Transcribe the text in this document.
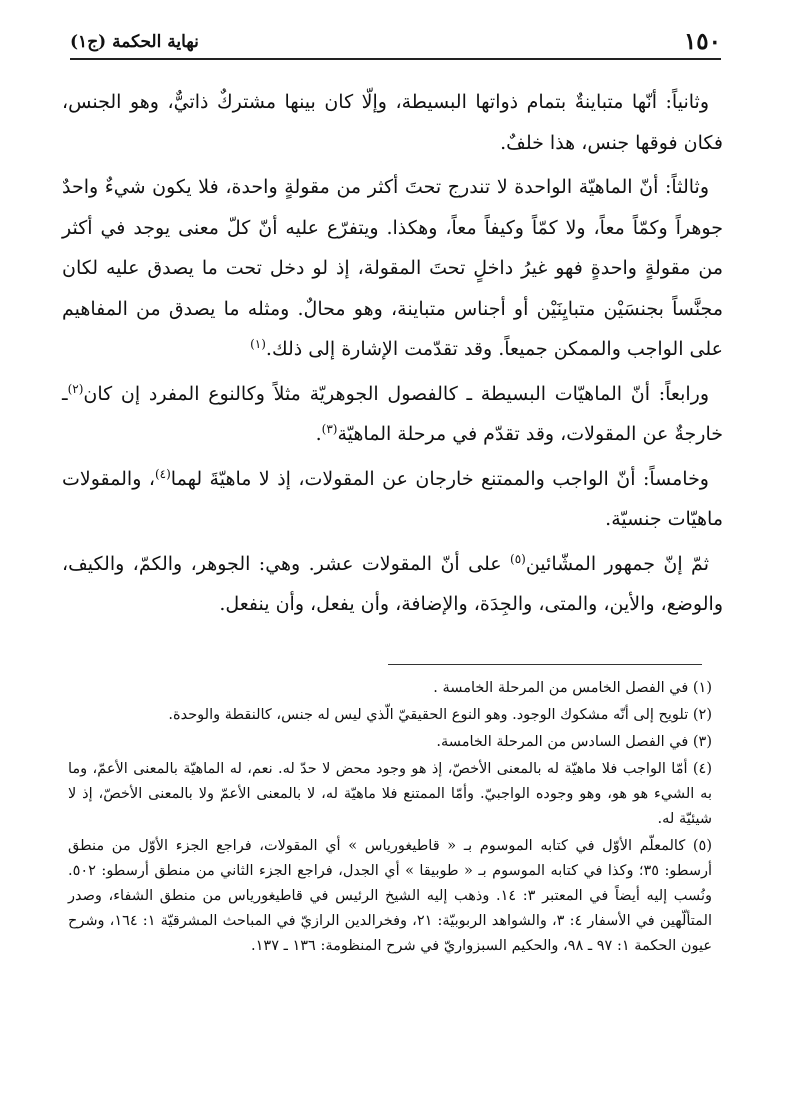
١٥٠
نهاية الحكمة (ج١)

وثانياً: أنّها متباينةٌ بتمام ذواتها البسيطة، وإلّا كان بينها مشتركٌ ذاتيٌّ، وهو الجنس، فكان فوقها جنس، هذا خلفٌ.

وثالثاً: أنّ الماهيّة الواحدة لا تندرج تحتَ أكثر من مقولةٍ واحدة، فلا يكون شيءٌ واحدٌ جوهراً وكمّاً معاً، ولا كمّاً وكيفاً معاً، وهكذا. ويتفرّع عليه أنّ كلّ معنى يوجد في أكثر من مقولةٍ واحدةٍ فهو غيرُ داخلٍ تحتَ المقولة، إذ لو دخل تحت ما يصدق عليه لكان مجنَّساً بجنسَيْن متبايِنَيْن أو أجناس متباينة، وهو محالٌ. ومثله ما يصدق من المفاهيم على الواجب والممكن جميعاً. وقد تقدّمت الإشارة إلى ذلك.$^{(١)}$

ورابعاً: أنّ الماهيّات البسيطة ـ كالفصول الجوهريّة مثلاً وكالنوع المفرد إن كان$^{(٢)}$ـ خارجةٌ عن المقولات، وقد تقدّم في مرحلة الماهيّة$^{(٣)}$.

وخامساً: أنّ الواجب والممتنع خارجان عن المقولات، إذ لا ماهيّةَ لهما$^{(٤)}$، والمقولات ماهيّات جنسيّة.

ثمّ إنّ جمهور المشّائين$^{(٥)}$ على أنّ المقولات عشر. وهي: الجوهر، والكمّ، والكيف، والوضع، والأين، والمتى، والجِدَة، والإضافة، وأن يفعل، وأن ينفعل.

(١) في الفصل الخامس من المرحلة الخامسة .

(٢) تلويح إلى أنّه مشكوك الوجود. وهو النوع الحقيقيّ الّذي ليس له جنس، كالنقطة والوحدة.

(٣) في الفصل السادس من المرحلة الخامسة.

(٤) أمّا الواجب فلا ماهيّة له بالمعنى الأخصّ، إذ هو وجود محض لا حدّ له. نعم، له الماهيّة بالمعنى الأعمّ، وما به الشيء هو هو، وهو وجوده الواجبيّ. وأمّا الممتنع فلا ماهيّة له، لا بالمعنى الأعمّ ولا بالمعنى الأخصّ، إذ لا شيئيّة له.

(٥) كالمعلّم الأوّل في كتابه الموسوم بـ « قاطيغورياس » أي المقولات، فراجع الجزء الأوّل من منطق أرسطو: ٣٥؛ وكذا في كتابه الموسوم بـ « طوبيقا » أي الجدل، فراجع الجزء الثاني من منطق أرسطو: ٥٠٢. ونُسب إليه أيضاً في المعتبر ٣: ١٤. وذهب إليه الشيخ الرئيس في قاطيغورياس من منطق الشفاء، وصدر المتألّهين في الأسفار ٤: ٣، والشواهد الربوبيّة: ٢١، وفخرالدين الرازيّ في المباحث المشرقيّة ١: ١٦٤، وشرح عيون الحكمة ١: ٩٧ ـ ٩٨، والحكيم السبزواريّ في شرح المنظومة: ١٣٦ ـ ١٣٧.
